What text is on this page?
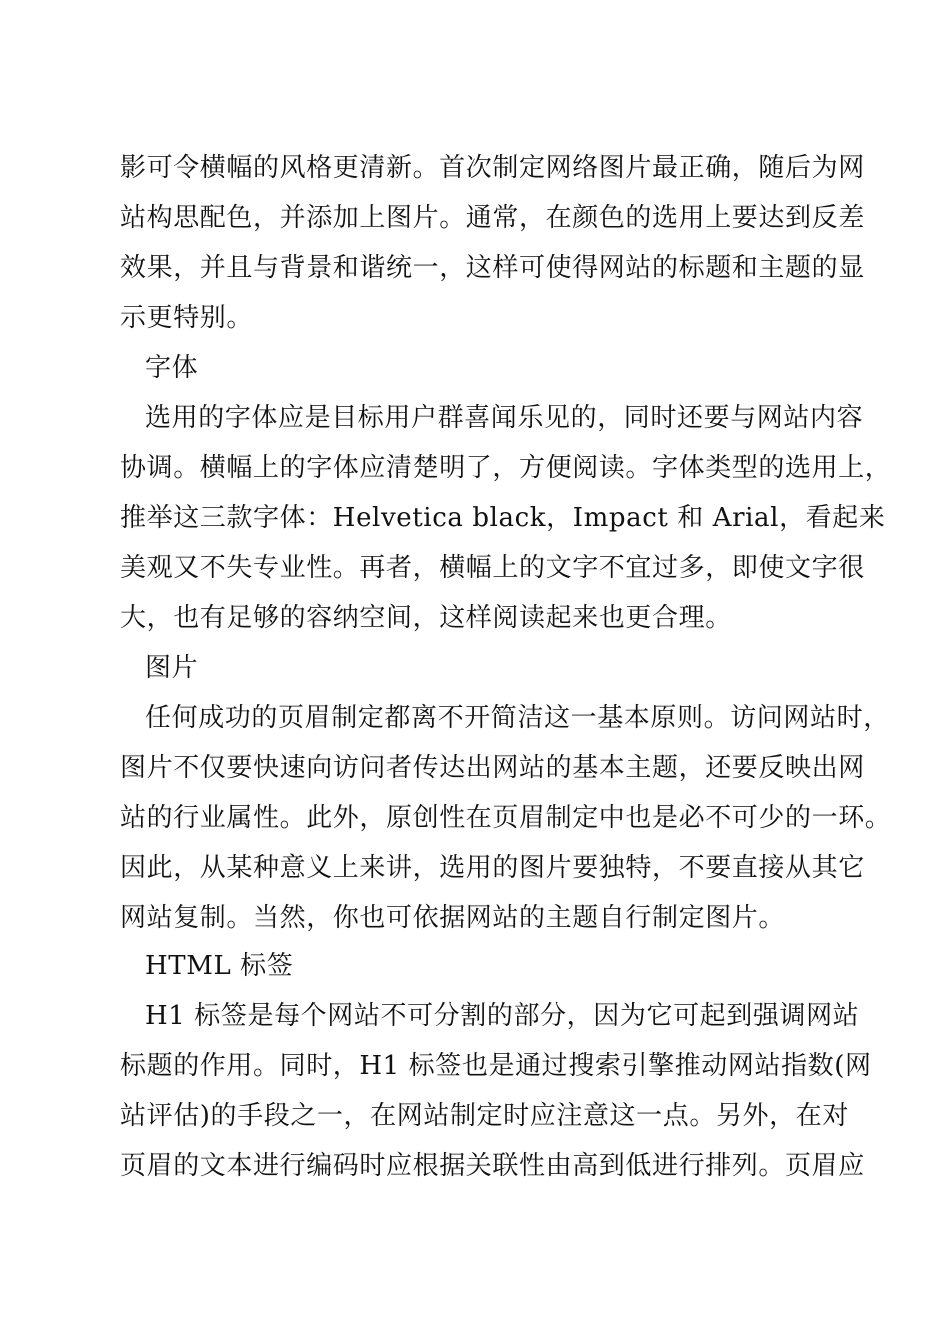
影可令横幅的风格更清新。首次制定网络图片最正确，随后为网
站构思配色，并添加上图片。通常，在颜色的选用上要达到反差
效果，并且与背景和谐统一，这样可使得网站的标题和主题的显
示更特别。
字体
选用的字体应是目标用户群喜闻乐见的，同时还要与网站内容
协调。横幅上的字体应清楚明了，方便阅读。字体类型的选用上，
推举这三款字体：Helvetica black，Impact 和 Arial，看起来
美观又不失专业性。再者，横幅上的文字不宜过多，即使文字很
大，也有足够的容纳空间，这样阅读起来也更合理。
图片
任何成功的页眉制定都离不开简洁这一基本原则。访问网站时，
图片不仅要快速向访问者传达出网站的基本主题，还要反映出网
站的行业属性。此外，原创性在页眉制定中也是必不可少的一环。
因此，从某种意义上来讲，选用的图片要独特，不要直接从其它
网站复制。当然，你也可依据网站的主题自行制定图片。
HTML 标签
H1 标签是每个网站不可分割的部分，因为它可起到强调网站
标题的作用。同时，H1 标签也是通过搜索引擎推动网站指数(网
站评估)的手段之一，在网站制定时应注意这一点。另外，在对
页眉的文本进行编码时应根据关联性由高到低进行排列。页眉应
